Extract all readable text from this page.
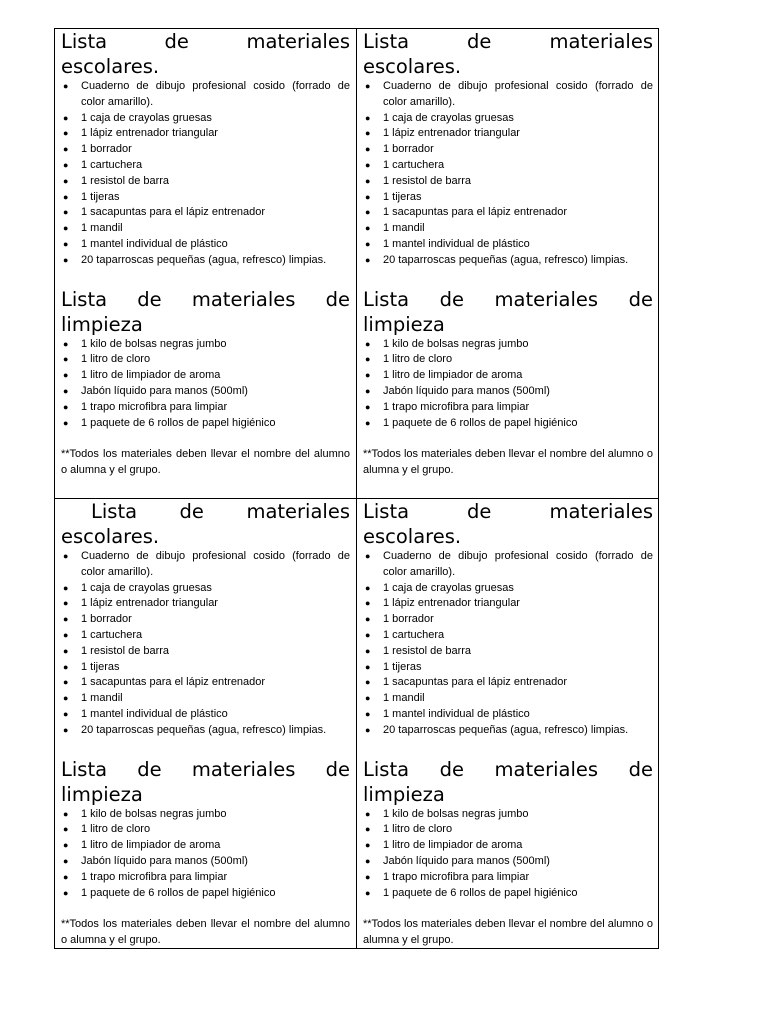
Lista de materiales escolares.
● Cuaderno de dibujo profesional cosido (forrado de color amarillo).
● 1 caja de crayolas gruesas
● 1 lápiz entrenador triangular
● 1 borrador
● 1 cartuchera
● 1 resistol de barra
● 1 tijeras
● 1 sacapuntas para el lápiz entrenador
● 1 mandil
● 1 mantel individual de plástico
● 20 taparroscas pequeñas (agua, refresco) limpias.
Lista de materiales de limpieza
● 1 kilo de bolsas negras jumbo
● 1 litro de cloro
● 1 litro de limpiador de aroma
● Jabón líquido para manos (500ml)
● 1 trapo microfibra para limpiar
● 1 paquete de 6 rollos de papel higiénico
**Todos los materiales deben llevar el nombre del alumno o alumna y el grupo.
Lista de materiales escolares.
● Cuaderno de dibujo profesional cosido (forrado de color amarillo).
● 1 caja de crayolas gruesas
● 1 lápiz entrenador triangular
● 1 borrador
● 1 cartuchera
● 1 resistol de barra
● 1 tijeras
● 1 sacapuntas para el lápiz entrenador
● 1 mandil
● 1 mantel individual de plástico
● 20 taparroscas pequeñas (agua, refresco) limpias.
Lista de materiales de limpieza
● 1 kilo de bolsas negras jumbo
● 1 litro de cloro
● 1 litro de limpiador de aroma
● Jabón líquido para manos (500ml)
● 1 trapo microfibra para limpiar
● 1 paquete de 6 rollos de papel higiénico
**Todos los materiales deben llevar el nombre del alumno o alumna y el grupo.
Lista de materiales escolares.
● Cuaderno de dibujo profesional cosido (forrado de color amarillo).
● 1 caja de crayolas gruesas
● 1 lápiz entrenador triangular
● 1 borrador
● 1 cartuchera
● 1 resistol de barra
● 1 tijeras
● 1 sacapuntas para el lápiz entrenador
● 1 mandil
● 1 mantel individual de plástico
● 20 taparroscas pequeñas (agua, refresco) limpias.
Lista de materiales de limpieza
● 1 kilo de bolsas negras jumbo
● 1 litro de cloro
● 1 litro de limpiador de aroma
● Jabón líquido para manos (500ml)
● 1 trapo microfibra para limpiar
● 1 paquete de 6 rollos de papel higiénico
**Todos los materiales deben llevar el nombre del alumno o alumna y el grupo.
Lista de materiales escolares.
● Cuaderno de dibujo profesional cosido (forrado de color amarillo).
● 1 caja de crayolas gruesas
● 1 lápiz entrenador triangular
● 1 borrador
● 1 cartuchera
● 1 resistol de barra
● 1 tijeras
● 1 sacapuntas para el lápiz entrenador
● 1 mandil
● 1 mantel individual de plástico
● 20 taparroscas pequeñas (agua, refresco) limpias.
Lista de materiales de limpieza
● 1 kilo de bolsas negras jumbo
● 1 litro de cloro
● 1 litro de limpiador de aroma
● Jabón líquido para manos (500ml)
● 1 trapo microfibra para limpiar
● 1 paquete de 6 rollos de papel higiénico
**Todos los materiales deben llevar el nombre del alumno o alumna y el grupo.
